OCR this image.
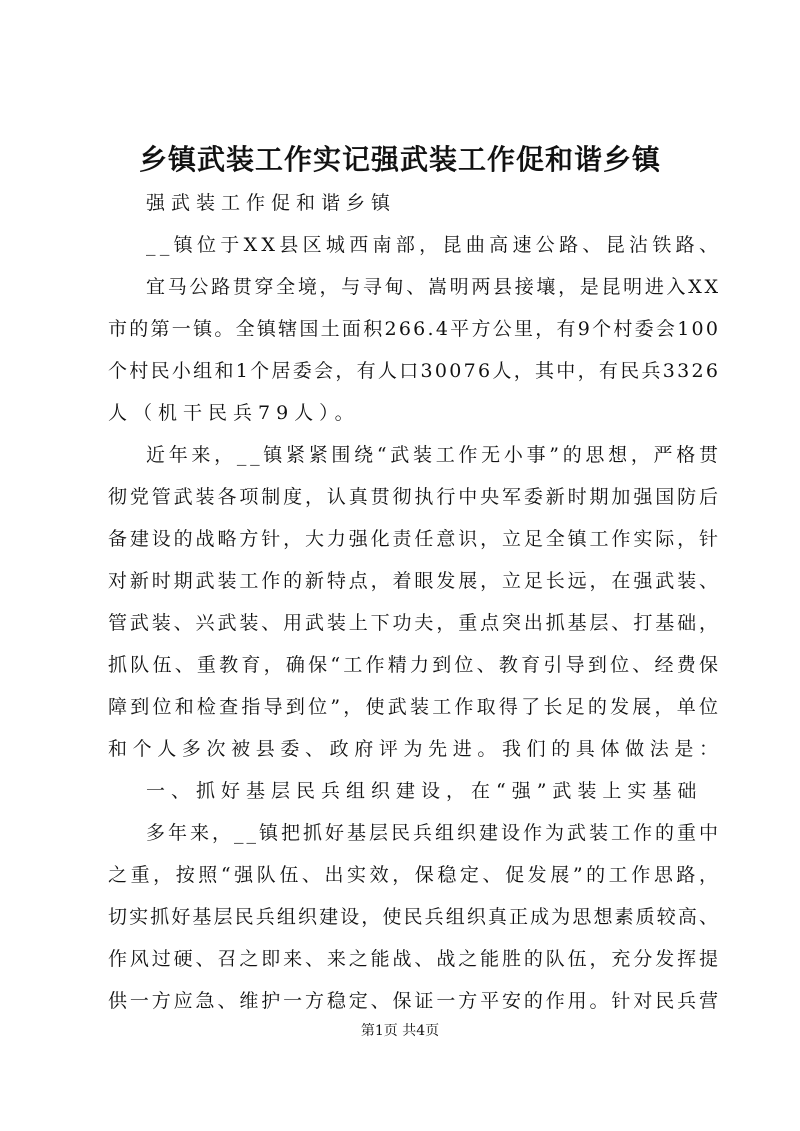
乡镇武装工作实记强武装工作促和谐乡镇
强武装工作促和谐乡镇
__镇位于XX县区城西南部，昆曲高速公路、昆沾铁路、
宜马公路贯穿全境，与寻甸、嵩明两县接壤，是昆明进入XX
市的第一镇。全镇辖国土面积266.4平方公里，有9个村委会100
个村民小组和1个居委会，有人口30076人，其中，有民兵3326
人（机干民兵79人）。
近年来，__镇紧紧围绕“武装工作无小事”的思想，严格贯
彻党管武装各项制度，认真贯彻执行中央军委新时期加强国防后
备建设的战略方针，大力强化责任意识，立足全镇工作实际，针
对新时期武装工作的新特点，着眼发展，立足长远，在强武装、
管武装、兴武装、用武装上下功夫，重点突出抓基层、打基础，
抓队伍、重教育，确保“工作精力到位、教育引导到位、经费保
障到位和检查指导到位”，使武装工作取得了长足的发展，单位
和个人多次被县委、政府评为先进。我们的具体做法是：
一、抓好基层民兵组织建设，在“强”武装上实基础
多年来，__镇把抓好基层民兵组织建设作为武装工作的重中
之重，按照“强队伍、出实效，保稳定、促发展”的工作思路，
切实抓好基层民兵组织建设，使民兵组织真正成为思想素质较高、
作风过硬、召之即来、来之能战、战之能胜的队伍，充分发挥提
供一方应急、维护一方稳定、保证一方平安的作用。针对民兵营
第1页 共4页
